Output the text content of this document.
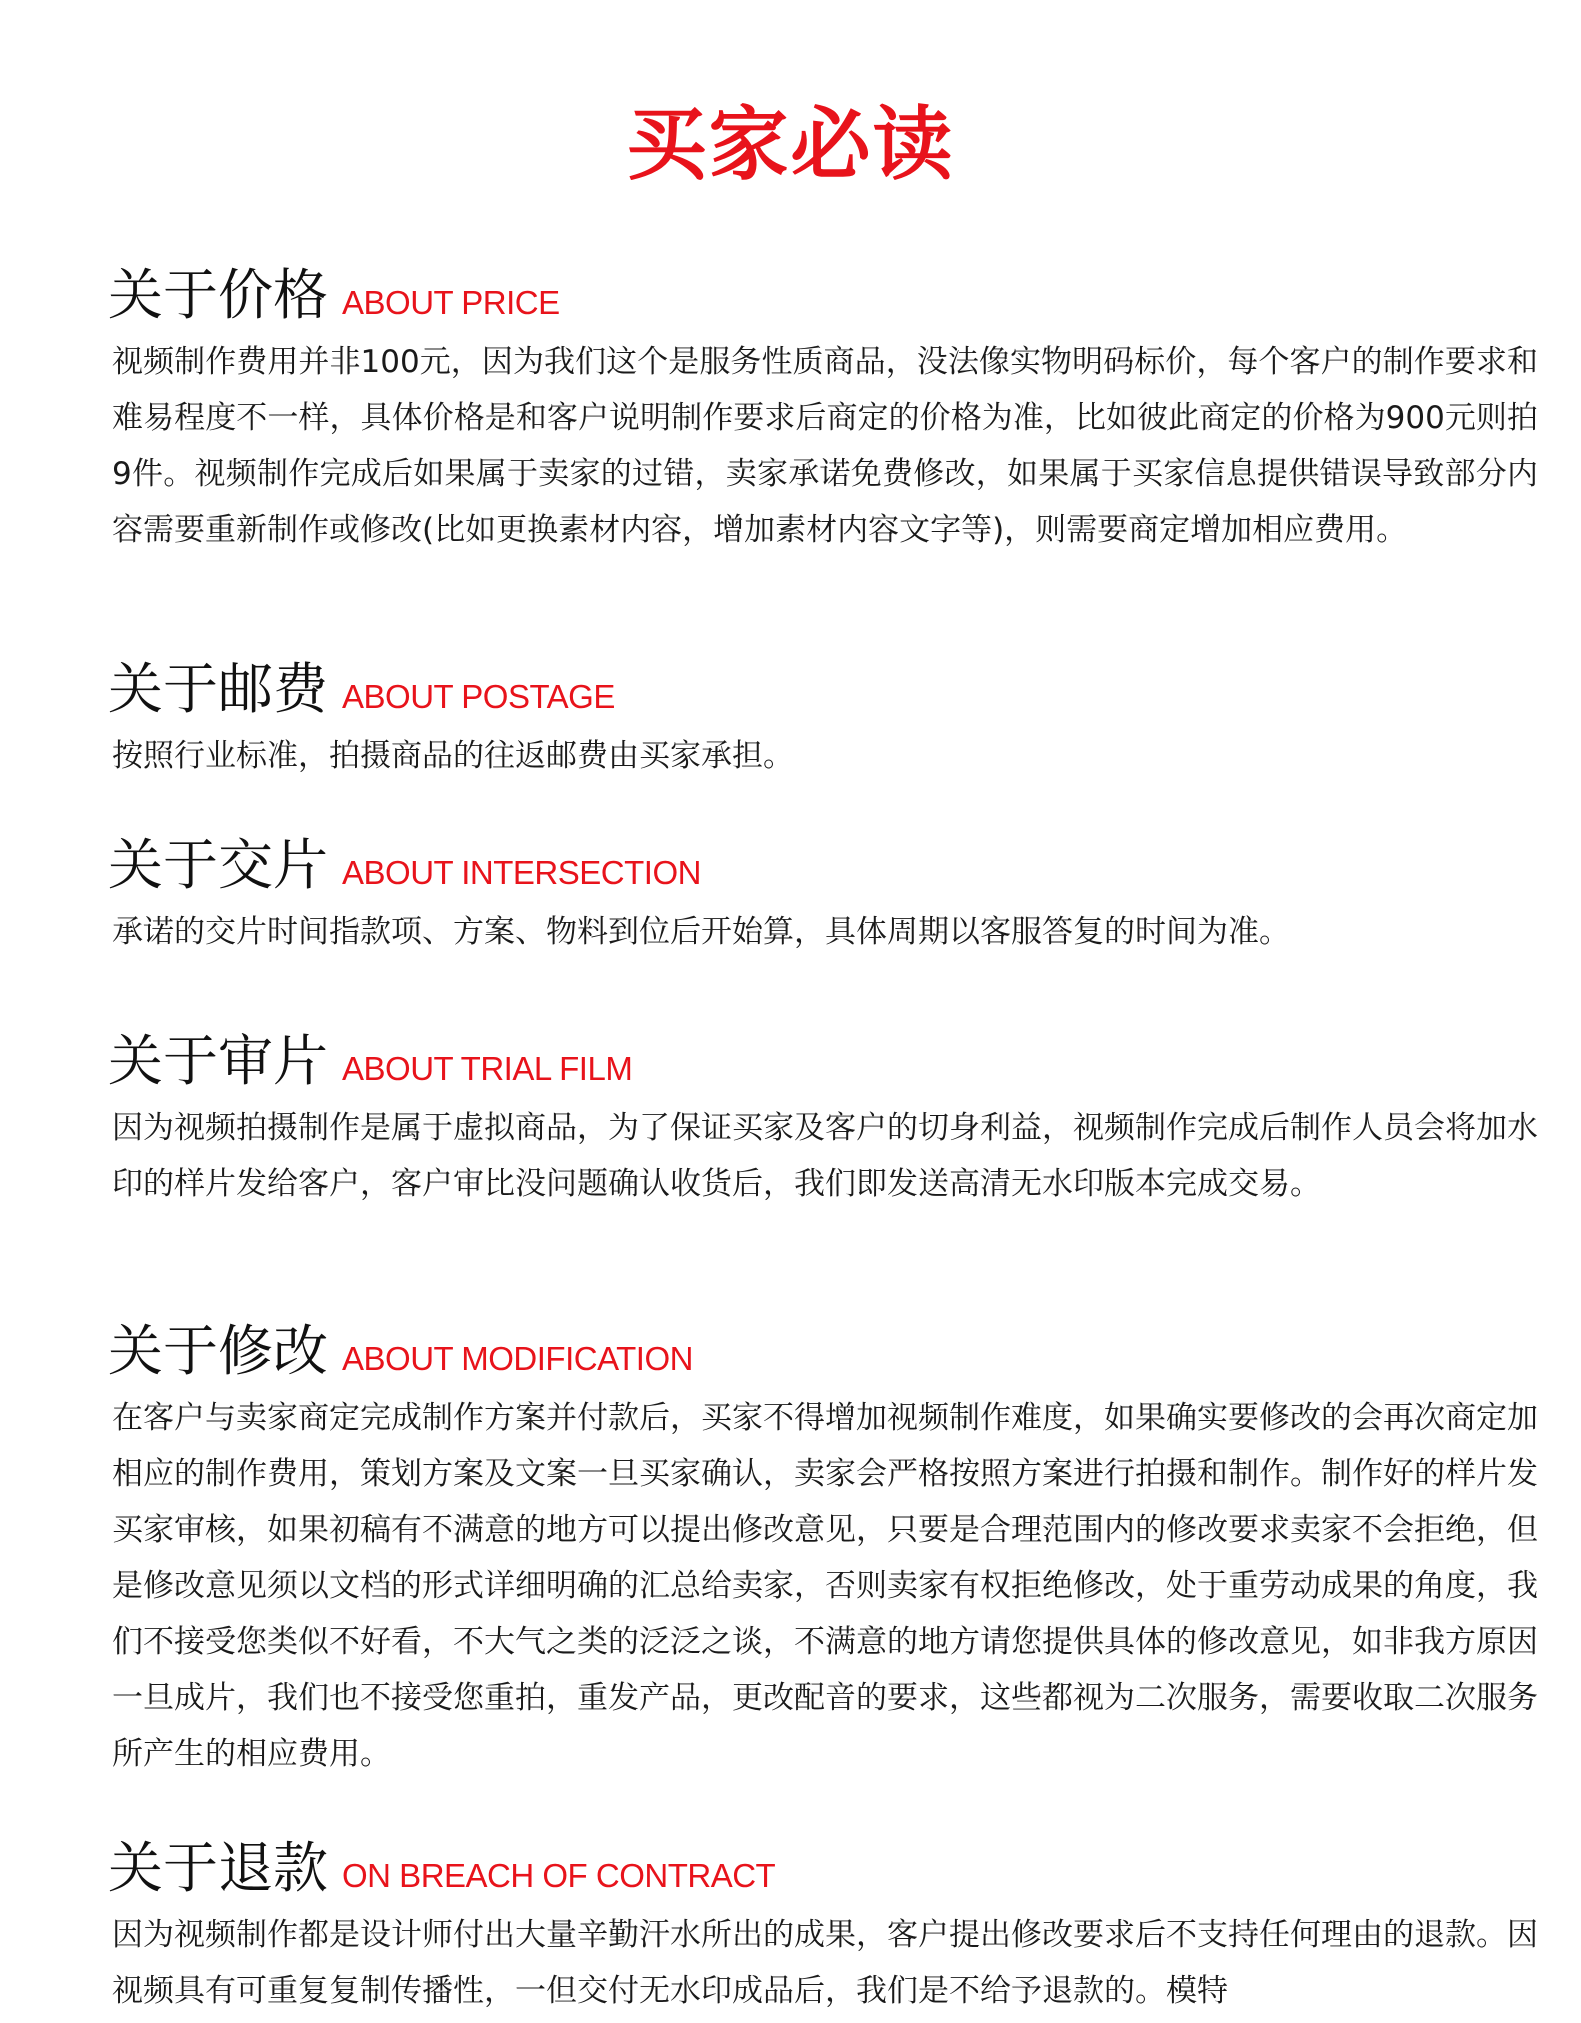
买家必读
关于价格 ABOUT PRICE

视频制作费用并非100元，因为我们这个是服务性质商品，没法像实物明码标价，每个客户的制作要求和难易程度不一样，具体价格是和客户说明制作要求后商定的价格为准，比如彼此商定的价格为900元则拍9件。视频制作完成后如果属于卖家的过错，卖家承诺免费修改，如果属于买家信息提供错误导致部分内容需要重新制作或修改(比如更换素材内容，增加素材内容文字等)，则需要商定增加相应费用。

关于邮费 ABOUT POSTAGE

按照行业标准，拍摄商品的往返邮费由买家承担。

关于交片 ABOUT INTERSECTION

承诺的交片时间指款项、方案、物料到位后开始算，具体周期以客服答复的时间为准。

关于审片 ABOUT TRIAL FILM

因为视频拍摄制作是属于虚拟商品，为了保证买家及客户的切身利益，视频制作完成后制作人员会将加水印的样片发给客户，客户审比没问题确认收货后，我们即发送高清无水印版本完成交易。

关于修改 ABOUT MODIFICATION

在客户与卖家商定完成制作方案并付款后，买家不得增加视频制作难度，如果确实要修改的会再次商定加相应的制作费用，策划方案及文案一旦买家确认，卖家会严格按照方案进行拍摄和制作。制作好的样片发买家审核，如果初稿有不满意的地方可以提出修改意见，只要是合理范围内的修改要求卖家不会拒绝，但是修改意见须以文档的形式详细明确的汇总给卖家，否则卖家有权拒绝修改，处于重劳动成果的角度，我们不接受您类似不好看，不大气之类的泛泛之谈，不满意的地方请您提供具体的修改意见，如非我方原因一旦成片，我们也不接受您重拍，重发产品，更改配音的要求，这些都视为二次服务，需要收取二次服务所产生的相应费用。

关于退款 ON BREACH OF CONTRACT

因为视频制作都是设计师付出大量辛勤汗水所出的成果，客户提出修改要求后不支持任何理由的退款。因视频具有可重复复制传播性，一但交付无水印成品后，我们是不给予退款的。模特
